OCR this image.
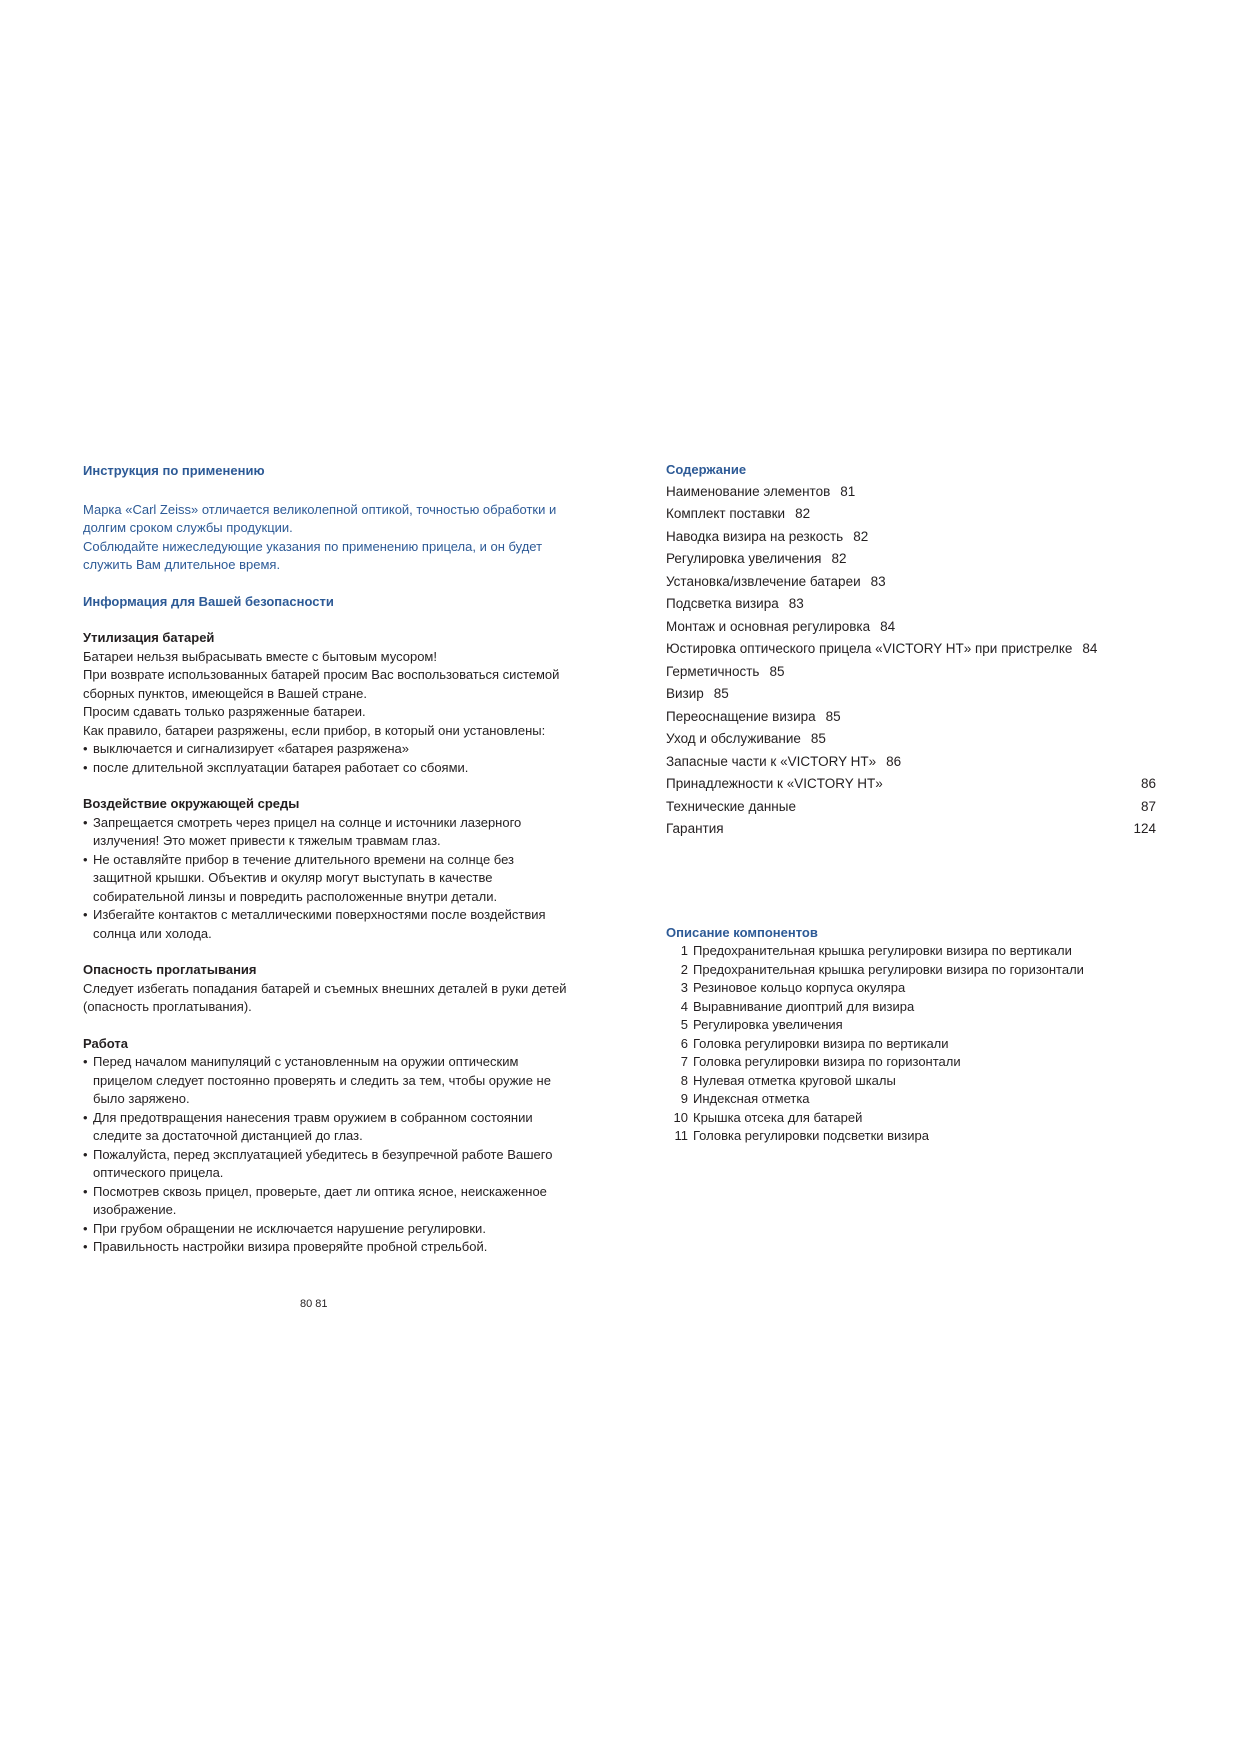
Инструкция по применению

Марка «Carl Zeiss» отличается великолепной оптикой, точностью обработки и долгим сроком службы продукции.

Соблюдайте нижеследующие указания по применению прицела, и он будет служить Вам длительное время.

Информация для Вашей безопасности

Утилизация батарей

Батареи нельзя выбрасывать вместе с бытовым мусором!

При возврате использованных батарей просим Вас воспользоваться системой сборных пунктов, имеющейся в Вашей стране.

Просим сдавать только разряженные батареи.

Как правило, батареи разряжены, если прибор, в который они установлены:

• выключается и сигнализирует «батарея разряжена»
• после длительной эксплуатации батарея работает со сбоями.

Воздействие окружающей среды

• Запрещается смотреть через прицел на солнце и источники лазерного излучения! Это может привести к тяжелым травмам глаз.
• Не оставляйте прибор в течение длительного времени на солнце без защитной крышки. Объектив и окуляр могут выступать в качестве собирательной линзы и повредить расположенные внутри детали.
• Избегайте контактов с металлическими поверхностями после воздействия солнца или холода.

Опасность проглатывания

Следует избегать попадания батарей и съемных внешних деталей в руки детей (опасность проглатывания).

Работа

• Перед началом манипуляций с установленным на оружии оптическим прицелом следует постоянно проверять и следить за тем, чтобы оружие не было заряжено.
• Для предотвращения нанесения травм оружием в собранном состоянии следите за достаточной дистанцией до глаз.
• Пожалуйста, перед эксплуатацией убедитесь в безупречной работе Вашего оптического прицела.
• Посмотрев сквозь прицел, проверьте, дает ли оптика ясное, неискаженное изображение.
• При грубом обращении не исключается нарушение регулировки.
• Правильность настройки визира проверяйте пробной стрельбой.
80 81

Содержание

Наименование элементов 81
Комплект поставки 82
Наводка визира на резкость 82
Регулировка увеличения 82
Установка/извлечение батареи 83
Подсветка визира 83
Монтаж и основная регулировка 84
Юстировка оптического прицела «VICTORY HT» при пристрелке 84
Герметичность 85
Визир 85
Переоснащение визира 85
Уход и обслуживание 85
Запасные части к «VICTORY HT» 86
Принадлежности к «VICTORY HT»	86
Технические данные	87
Гарантия	124

Описание компонентов

1 Предохранительная крышка регулировки визира по вертикали
2 Предохранительная крышка регулировки визира по горизонтали
3 Резиновое кольцо корпуса окуляра
4 Выравнивание диоптрий для визира
5 Регулировка увеличения
6 Головка регулировки визира по вертикали
7 Головка регулировки визира по горизонтали
8 Нулевая отметка круговой шкалы
9 Индексная отметка
10 Крышка отсека для батарей
11 Головка регулировки подсветки визира
